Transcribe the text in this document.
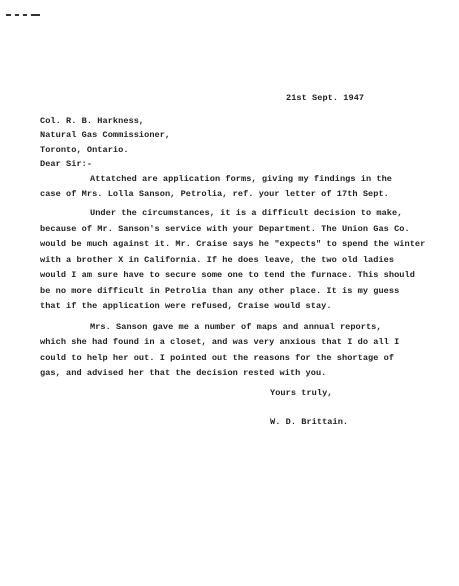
21st Sept. 1947
Col. R. B. Harkness,
Natural Gas Commissioner,
Toronto, Ontario.
Dear Sir:-
Attatched are application forms, giving my findings in the
case of Mrs. Lolla Sanson, Petrolia, ref. your letter of 17th Sept.
Under the circumstances, it is a difficult decision to make,
because of Mr. Sanson's service with your Department. The Union Gas Co.
would be much against it. Mr. Craise says he "expects" to spend the winter
with a brother X in California. If he does leave, the two old ladies
would I am sure have to secure some one to tend the furnace. This should
be no more difficult in Petrolia than any other place. It is my guess
that if the application were refused, Craise would stay.
Mrs. Sanson gave me a number of maps and annual reports,
which she had found in a closet, and was very anxious that I do all I
could to help her out. I pointed out the reasons for the shortage of
gas, and advised her that the decision rested with you.
Yours truly,
W. D. Brittain.
